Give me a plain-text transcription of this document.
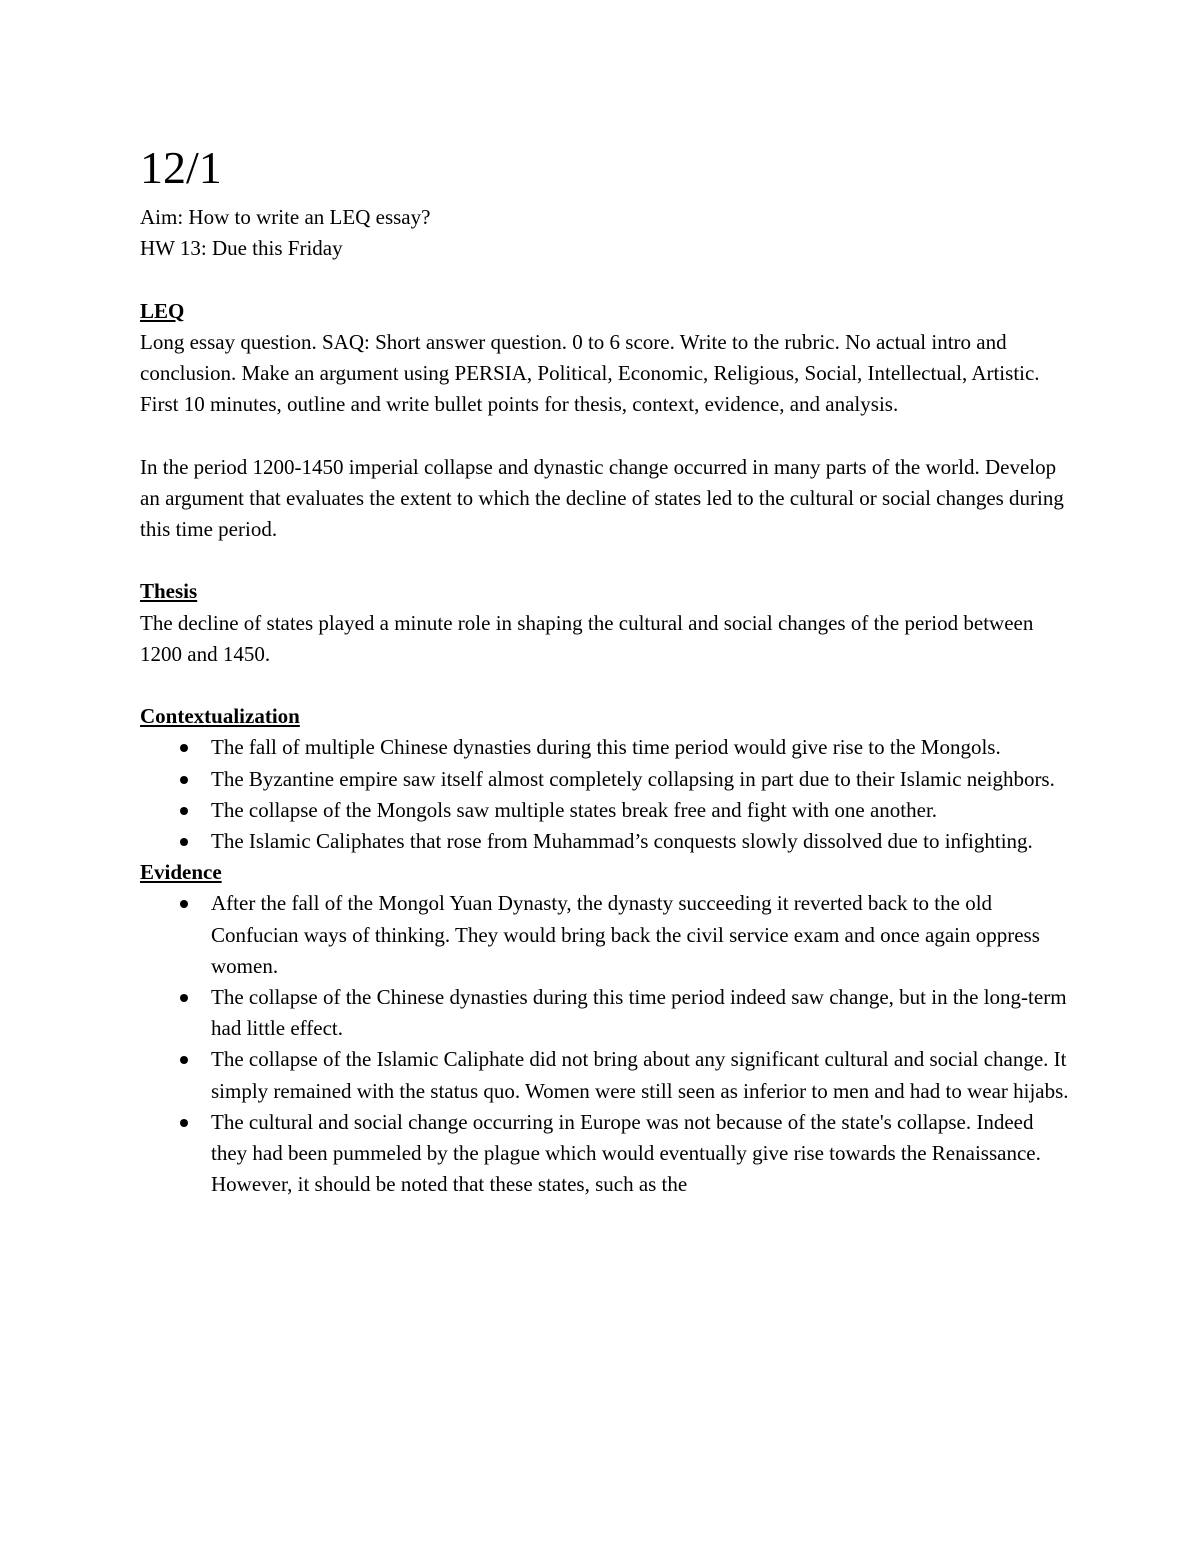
12/1

Aim: How to write an LEQ essay?

HW 13: Due this Friday

LEQ

Long essay question. SAQ: Short answer question. 0 to 6 score. Write to the rubric. No actual intro and conclusion. Make an argument using PERSIA, Political, Economic, Religious, Social, Intellectual, Artistic. First 10 minutes, outline and write bullet points for thesis, context, evidence, and analysis.

In the period 1200-1450 imperial collapse and dynastic change occurred in many parts of the world. Develop an argument that evaluates the extent to which the decline of states led to the cultural or social changes during this time period.

Thesis

The decline of states played a minute role in shaping the cultural and social changes of the period between 1200 and 1450.

Contextualization

The fall of multiple Chinese dynasties during this time period would give rise to the Mongols.
The Byzantine empire saw itself almost completely collapsing in part due to their Islamic neighbors.
The collapse of the Mongols saw multiple states break free and fight with one another.
The Islamic Caliphates that rose from Muhammad’s conquests slowly dissolved due to infighting.

Evidence

After the fall of the Mongol Yuan Dynasty, the dynasty succeeding it reverted back to the old Confucian ways of thinking. They would bring back the civil service exam and once again oppress women.
The collapse of the Chinese dynasties during this time period indeed saw change, but in the long-term had little effect.
The collapse of the Islamic Caliphate did not bring about any significant cultural and social change. It simply remained with the status quo. Women were still seen as inferior to men and had to wear hijabs.
The cultural and social change occurring in Europe was not because of the state's collapse. Indeed they had been pummeled by the plague which would eventually give rise towards the Renaissance. However, it should be noted that these states, such as the
